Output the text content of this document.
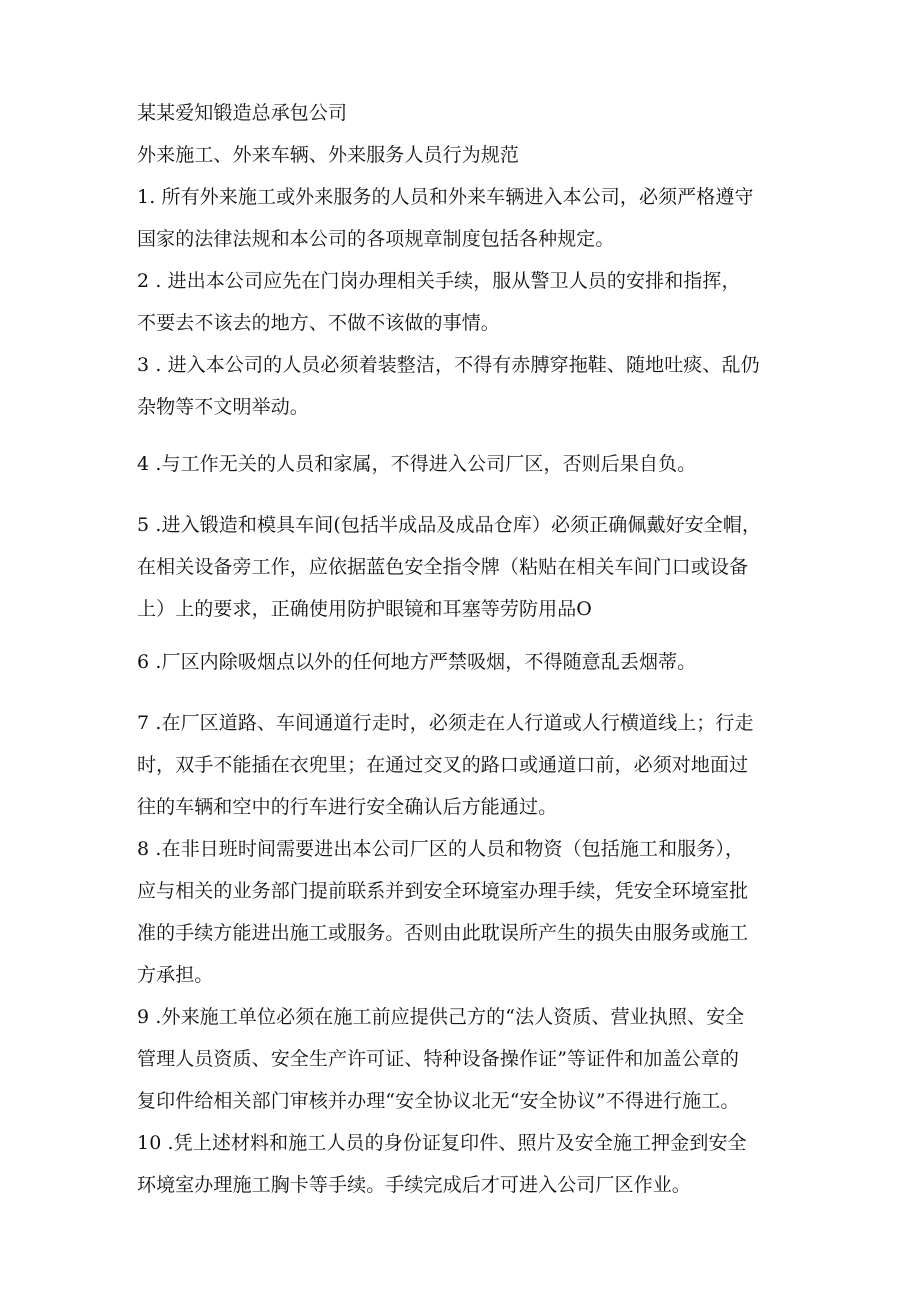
某某爱知锻造总承包公司
外来施工、外来车辆、外来服务人员行为规范
1. 所有外来施工或外来服务的人员和外来车辆进入本公司，必须严格遵守
国家的法律法规和本公司的各项规章制度包括各种规定。
2 . 进出本公司应先在门岗办理相关手续，服从警卫人员的安排和指挥，
不要去不该去的地方、不做不该做的事情。
3 . 进入本公司的人员必须着装整洁，不得有赤膊穿拖鞋、随地吐痰、乱仍
杂物等不文明举动。
4 .与工作无关的人员和家属，不得进入公司厂区，否则后果自负。
5 .进入锻造和模具车间(包括半成品及成品仓库）必须正确佩戴好安全帽，
在相关设备旁工作，应依据蓝色安全指令牌（粘贴在相关车间门口或设备
上）上的要求，正确使用防护眼镜和耳塞等劳防用品O
6 .厂区内除吸烟点以外的任何地方严禁吸烟，不得随意乱丢烟蒂。
7 .在厂区道路、车间通道行走时，必须走在人行道或人行横道线上；行走
时，双手不能插在衣兜里；在通过交叉的路口或通道口前，必须对地面过
往的车辆和空中的行车进行安全确认后方能通过。
8 .在非日班时间需要进出本公司厂区的人员和物资（包括施工和服务），
应与相关的业务部门提前联系并到安全环境室办理手续，凭安全环境室批
准的手续方能进出施工或服务。否则由此耽误所产生的损失由服务或施工
方承担。
9 .外来施工单位必须在施工前应提供己方的“法人资质、营业执照、安全
管理人员资质、安全生产许可证、特种设备操作证”等证件和加盖公章的
复印件给相关部门审核并办理“安全协议北无“安全协议”不得进行施工。
10 .凭上述材料和施工人员的身份证复印件、照片及安全施工押金到安全
环境室办理施工胸卡等手续。手续完成后才可进入公司厂区作业。
